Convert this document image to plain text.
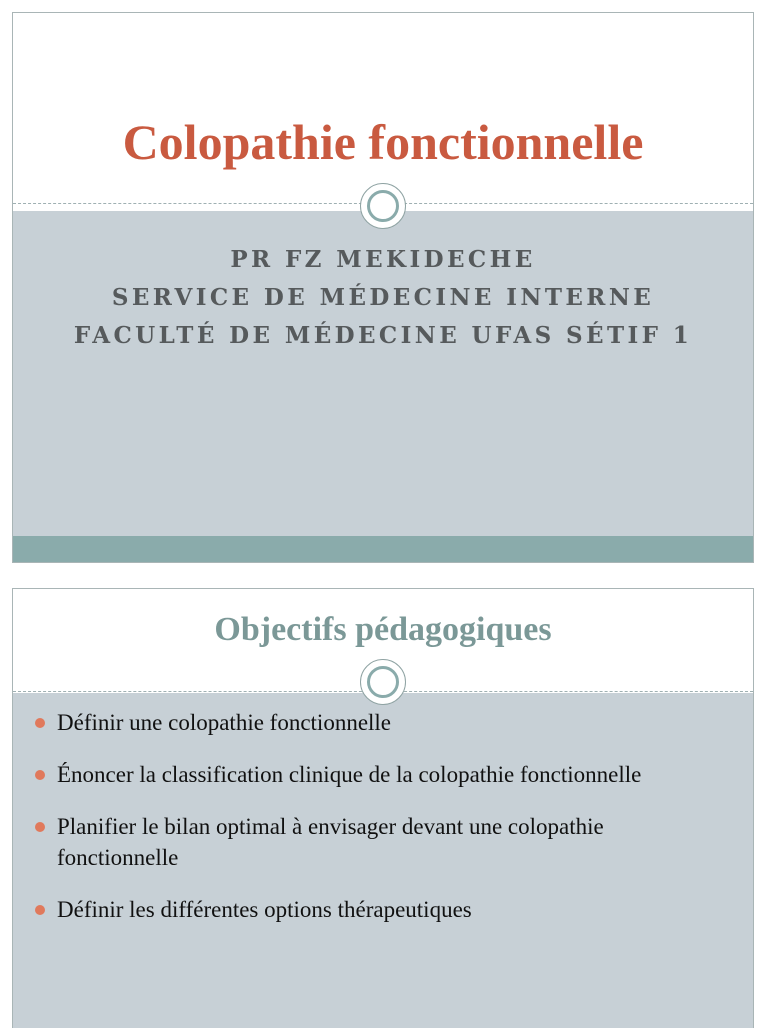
Colopathie fonctionnelle
PR FZ MEKIDECHE
SERVICE DE MÉDECINE INTERNE
FACULTÉ DE MÉDECINE UFAS SÉTIF 1
Objectifs pédagogiques
Définir une colopathie fonctionnelle
Énoncer la classification clinique de la colopathie fonctionnelle
Planifier le bilan optimal à envisager devant une colopathie fonctionnelle
Définir les différentes options thérapeutiques
